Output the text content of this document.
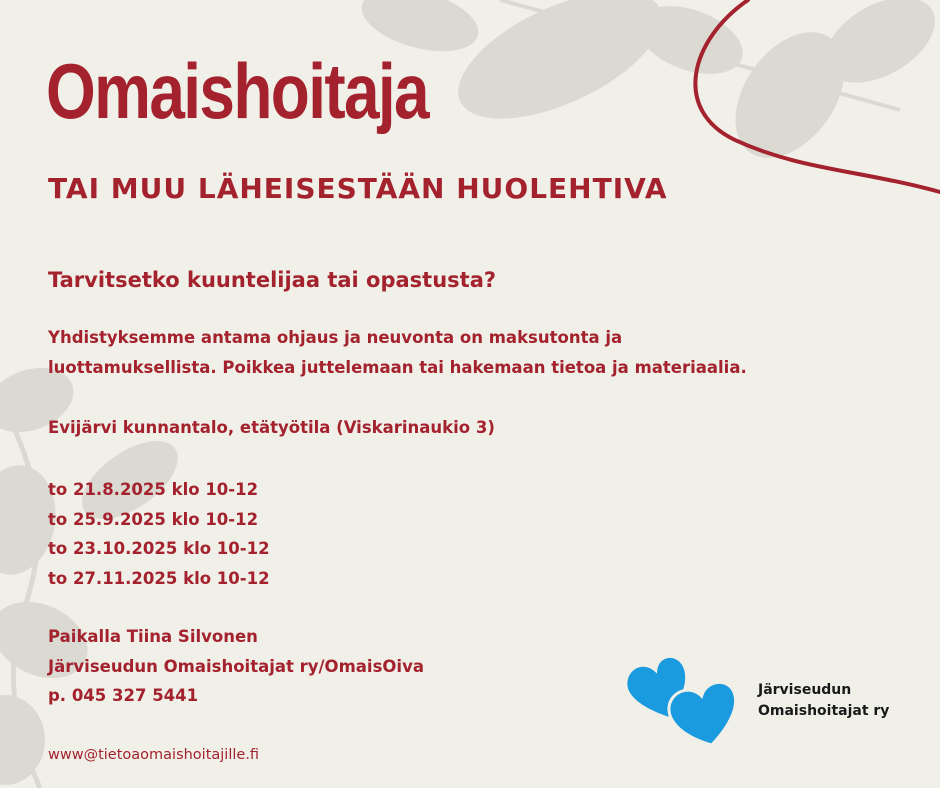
Omaishoitaja
TAI MUU LÄHEISESTÄÄN HUOLEHTIVA
Tarvitsetko kuuntelijaa tai opastusta?
Yhdistyksemme antama ohjaus ja neuvonta on maksutonta ja
luottamuksellista. Poikkea juttelemaan tai hakemaan tietoa ja materiaalia.
Evijärvi kunnantalo, etätyötila (Viskarinaukio 3)
to 21.8.2025 klo 10-12
to 25.9.2025 klo 10-12
to 23.10.2025 klo 10-12
to 27.11.2025 klo 10-12
Paikalla Tiina Silvonen
Järviseudun Omaishoitajat ry/OmaisOiva
p. 045 327 5441
www@tietoaomaishoitajille.fi
Järviseudun
Omaishoitajat ry
